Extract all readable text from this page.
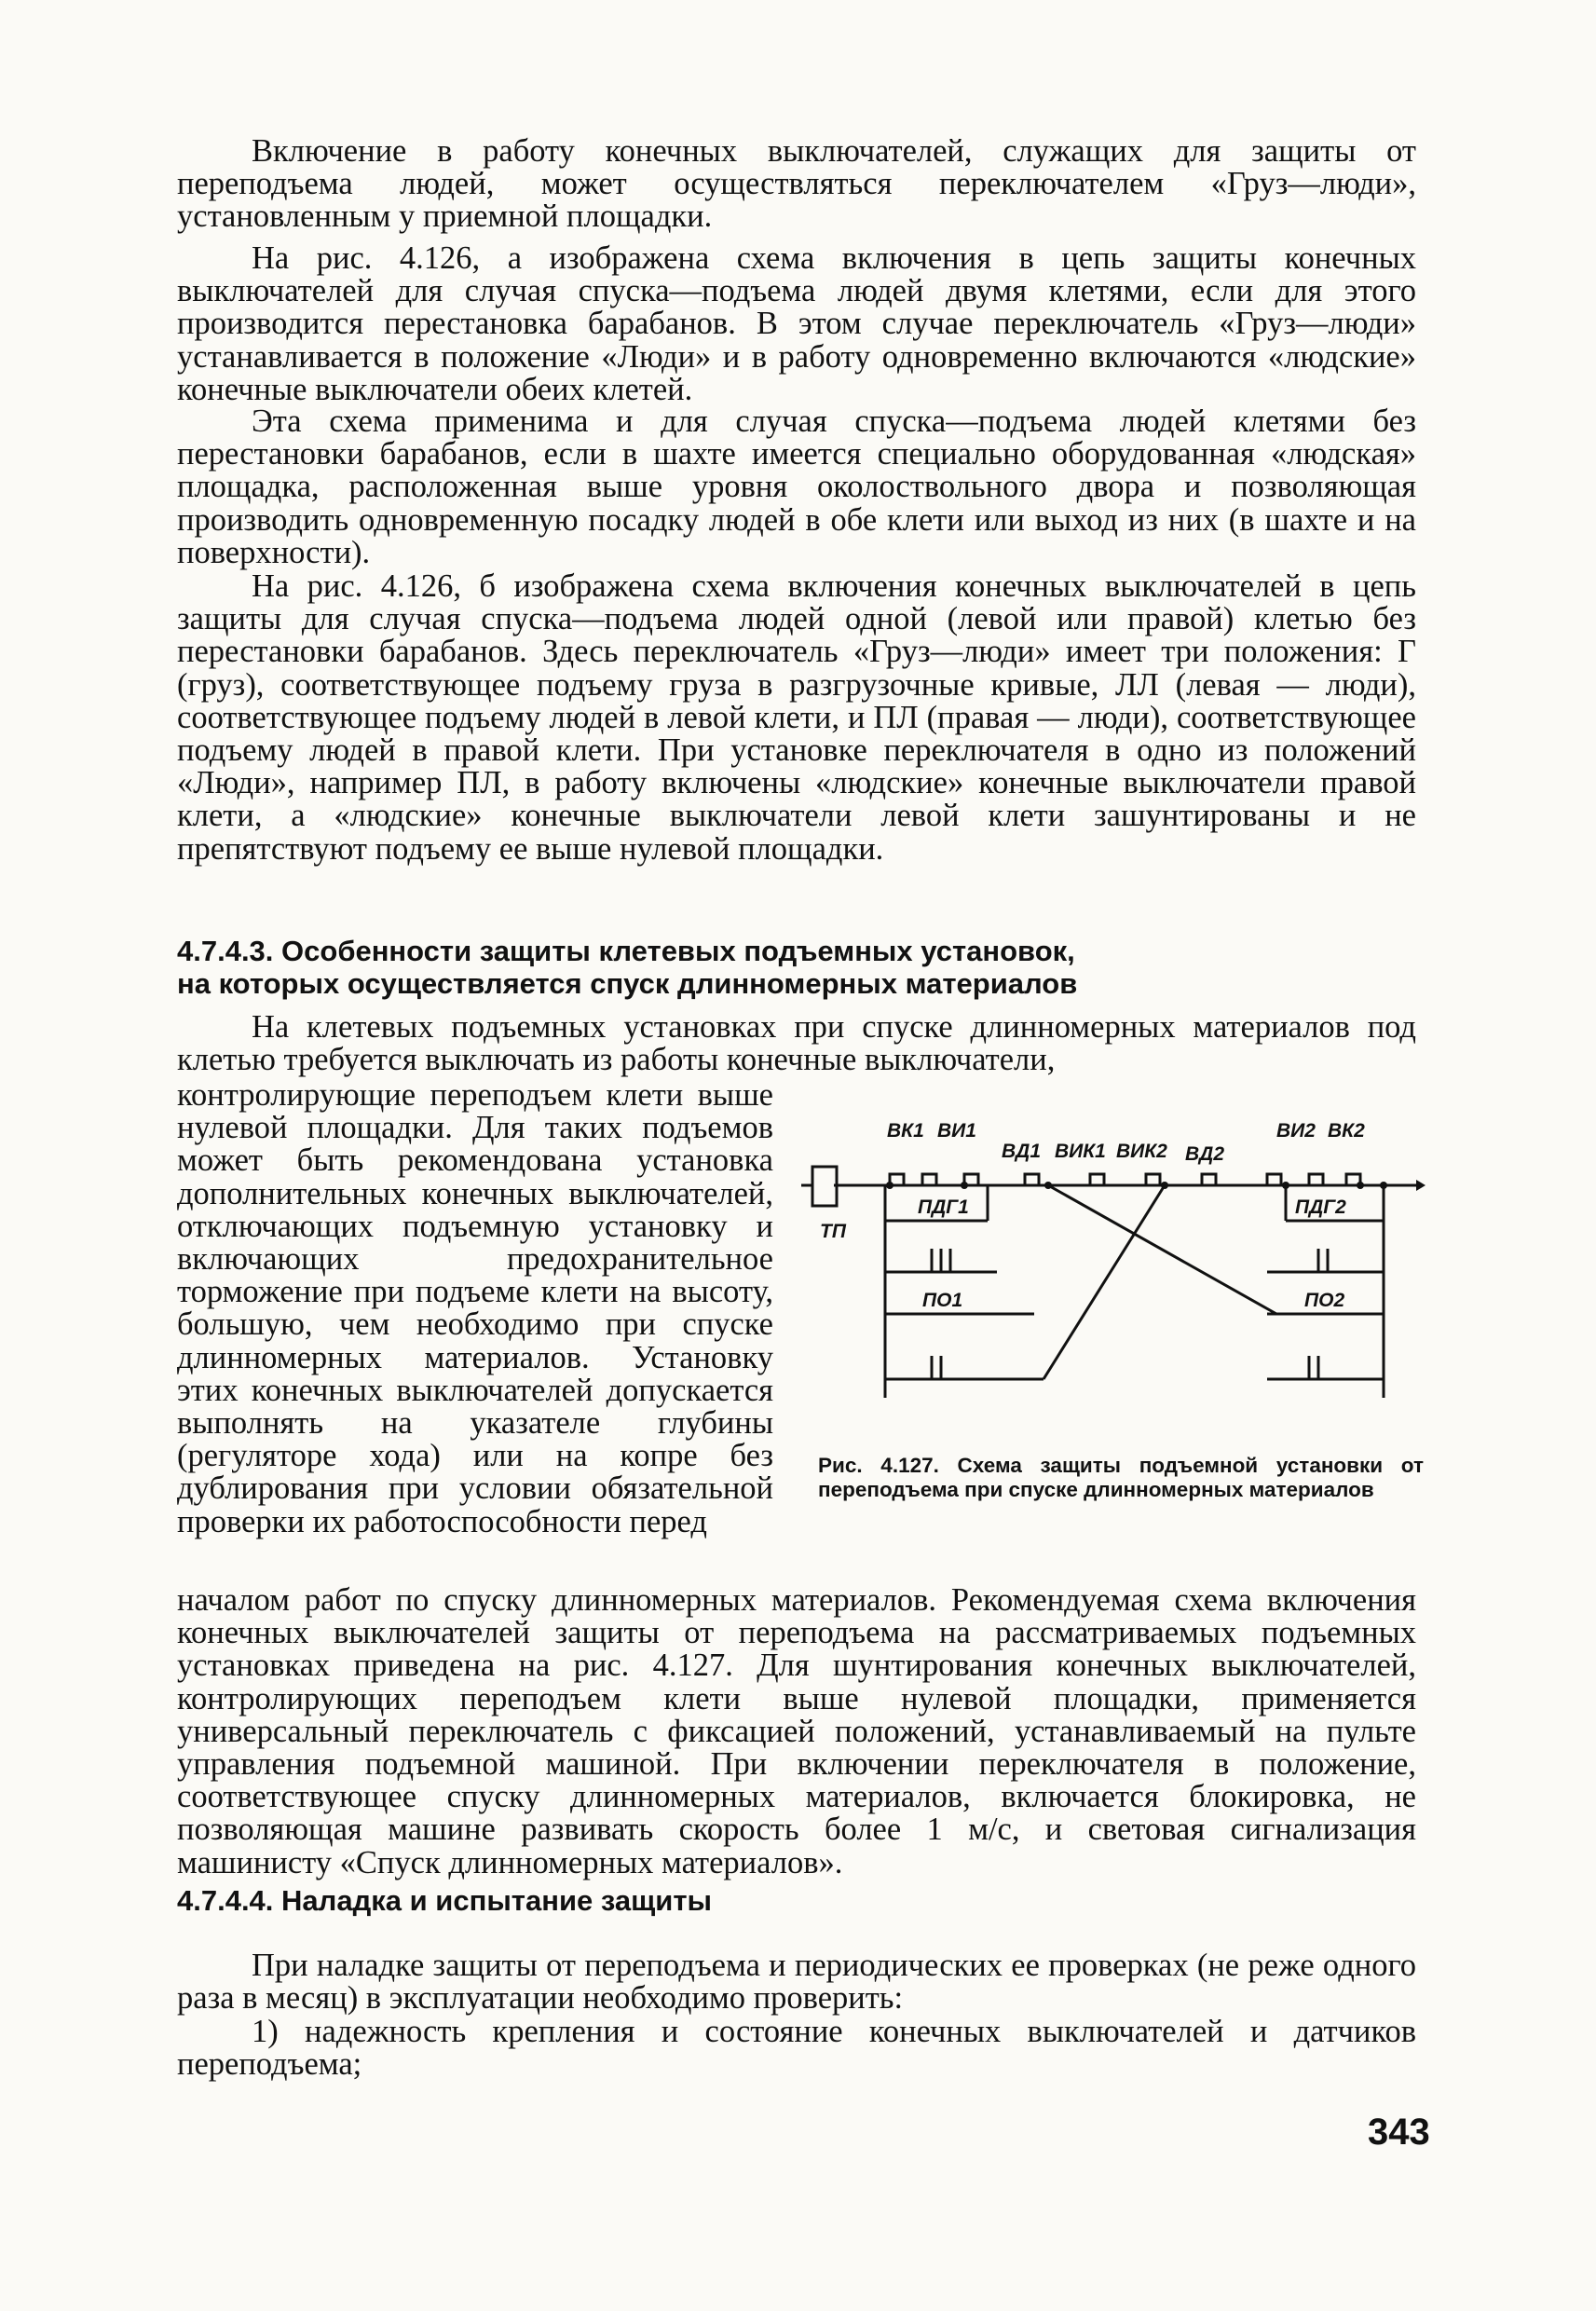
Включение в работу конечных выключателей, служащих для защиты от переподъема людей, может осуществляться переключателем «Груз—люди», установленным у приемной площадки.

На рис. 4.126, а изображена схема включения в цепь защиты конечных выключателей для случая спуска—подъема людей двумя клетями, если для этого производится перестановка барабанов. В этом случае переключатель «Груз—люди» устанавливается в положение «Люди» и в работу одновременно включаются «людские» конечные выключатели обеих клетей.

Эта схема применима и для случая спуска—подъема людей клетями без перестановки барабанов, если в шахте имеется специально оборудованная «людская» площадка, расположенная выше уровня околоствольного двора и позволяющая производить одновременную посадку людей в обе клети или выход из них (в шахте и на поверхности).

На рис. 4.126, б изображена схема включения конечных выключателей в цепь защиты для случая спуска—подъема людей одной (левой или правой) клетью без перестановки барабанов. Здесь переключатель «Груз—люди» имеет три положения: Г (груз), соответствующее подъему груза в разгрузочные кривые, ЛЛ (левая — люди), соответствующее подъему людей в левой клети, и ПЛ (правая — люди), соответствующее подъему людей в правой клети. При установке переключателя в одно из положений «Люди», например ПЛ, в работу включены «людские» конечные выключатели правой клети, а «людские» конечные выключатели левой клети зашунтированы и не препятствуют подъему ее выше нулевой площадки.

4.7.4.3. Особенности защиты клетевых подъемных установок,
на которых осуществляется спуск длинномерных материалов

На клетевых подъемных установках при спуске длинномерных материалов под клетью требуется выключать из работы конечные выключатели,

контролирующие переподъем клети выше нулевой площадки. Для таких подъемов может быть рекомендована установка дополнительных конечных выключателей, отключающих подъемную установку и включающих предохранительное торможение при подъеме клети на высоту, большую, чем необходимо при спуске длинномерных материалов. Установку этих конечных выключателей допускается выполнять на указателе глубины (регуляторе хода) или на копре без дублирования при условии обязательной проверки их работоспособности перед

началом работ по спуску длинномерных материалов. Рекомендуемая схема включения конечных выключателей защиты от переподъема на рассматриваемых подъемных установках приведена на рис. 4.127. Для шунтирования конечных выключателей, контролирующих переподъем клети выше нулевой площадки, применяется универсальный переключатель с фиксацией положений, устанавливаемый на пульте управления подъемной машиной. При включении переключателя в положение, соответствующее спуску длинномерных материалов, включается блокировка, не позволяющая машине развивать скорость более 1 м/с, и световая сигнализация машинисту «Спуск длинномерных материалов».

ВК1 ВИ1
ВД1 ВИК1 ВИК2 ВД2
ВИ2 ВК2
ТП
ПДГ1	ПДГ2
ПО1	ПО2

Рис. 4.127. Схема защиты подъемной установки от переподъема при спуске длинномерных материалов

4.7.4.4. Наладка и испытание защиты

При наладке защиты от переподъема и периодических ее проверках (не реже одного раза в месяц) в эксплуатации необходимо проверить:

1) надежность крепления и состояние конечных выключателей и датчиков переподъема;

343
